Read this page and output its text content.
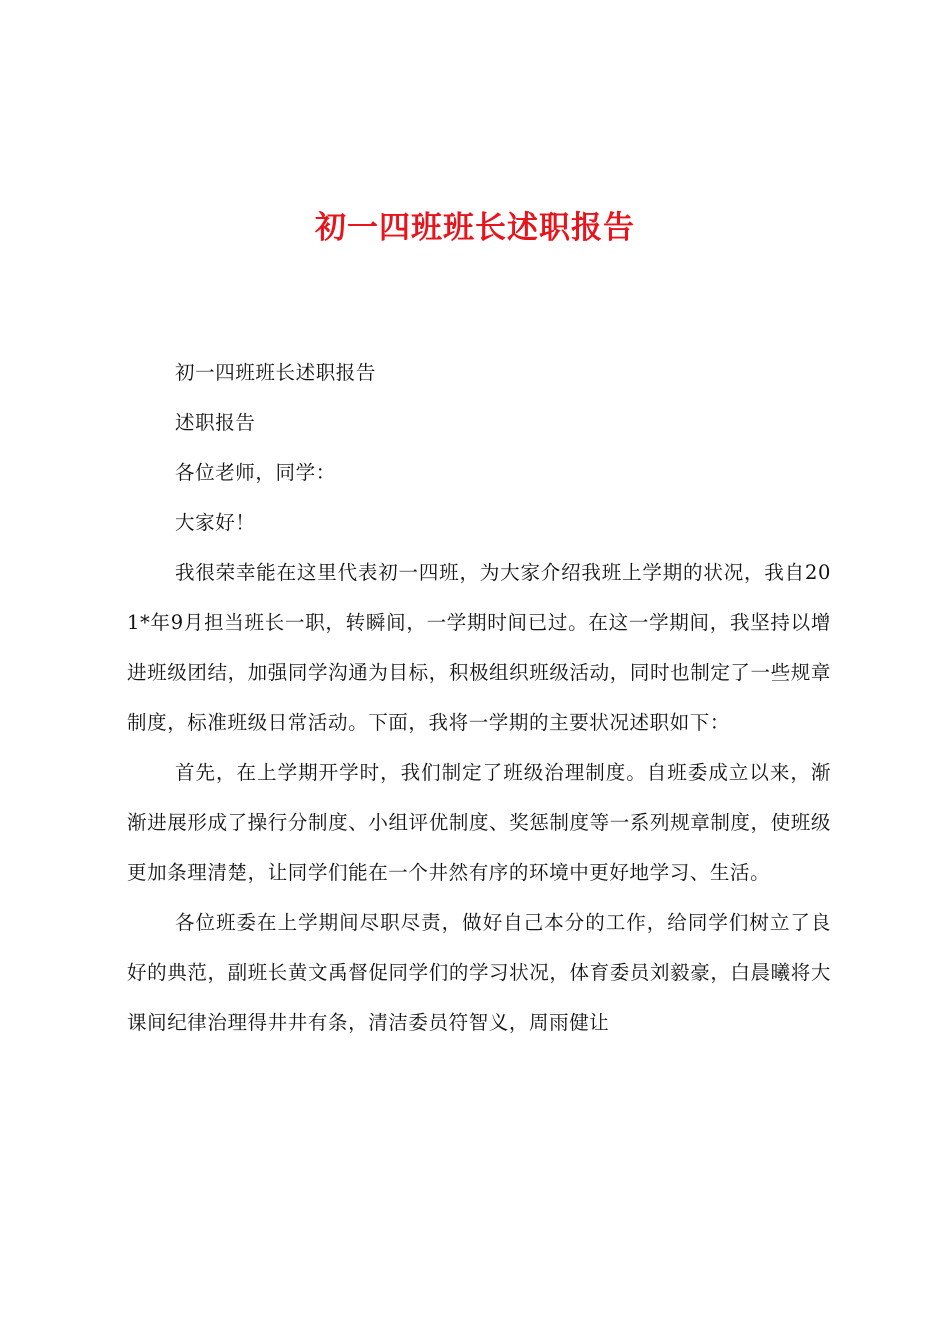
初一四班班长述职报告

初一四班班长述职报告

述职报告

各位老师，同学：

大家好！

我很荣幸能在这里代表初一四班，为大家介绍我班上学期的状况，我自201*年9月担当班长一职，转瞬间，一学期时间已过。在这一学期间，我坚持以增进班级团结，加强同学沟通为目标，积极组织班级活动，同时也制定了一些规章制度，标准班级日常活动。下面，我将一学期的主要状况述职如下：

首先，在上学期开学时，我们制定了班级治理制度。自班委成立以来，渐渐进展形成了操行分制度、小组评优制度、奖惩制度等一系列规章制度，使班级更加条理清楚，让同学们能在一个井然有序的环境中更好地学习、生活。

各位班委在上学期间尽职尽责，做好自己本分的工作，给同学们树立了良好的典范，副班长黄文禹督促同学们的学习状况，体育委员刘毅豪，白晨曦将大课间纪律治理得井井有条，清洁委员符智义，周雨健让
